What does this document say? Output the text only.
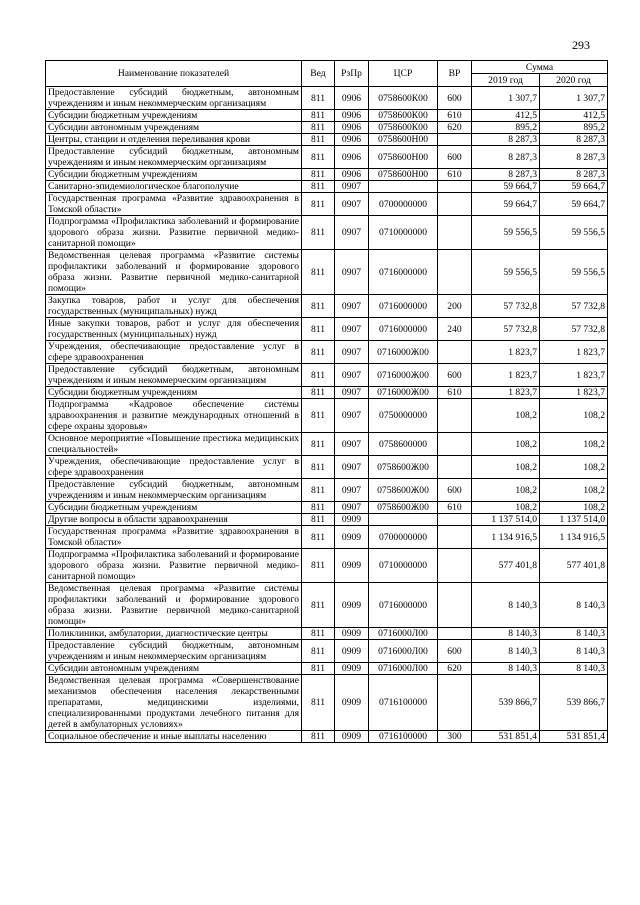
293
Наименование показателей	Вед	РзПр	ЦСР	ВР	Сумма	
					2019 год	2020 год
Предоставление субсидий бюджетным, автономным учреждениям и иным некоммерческим организациям	811	0906	0758600К00	600	1 307,7	1 307,7
Субсидии бюджетным учреждениям	811	0906	0758600К00	610	412,5	412,5
Субсидии автономным учреждениям	811	0906	0758600К00	620	895,2	895,2
Центры, станции и отделения переливания крови	811	0906	0758600Н00		8 287,3	8 287,3
Предоставление субсидий бюджетным, автономным учреждениям и иным некоммерческим организациям	811	0906	0758600Н00	600	8 287,3	8 287,3
Субсидии бюджетным учреждениям	811	0906	0758600Н00	610	8 287,3	8 287,3
Санитарно-эпидемиологическое благополучие	811	0907			59 664,7	59 664,7
Государственная программа «Развитие здравоохранения в Томской области»	811	0907	0700000000		59 664,7	59 664,7
Подпрограмма «Профилактика заболеваний и формирование здорового образа жизни. Развитие первичной медико-санитарной помощи»	811	0907	0710000000		59 556,5	59 556,5
Ведомственная целевая программа «Развитие системы профилактики заболеваний и формирование здорового образа жизни. Развитие первичной медико-санитарной помощи»	811	0907	0716000000		59 556,5	59 556,5
Закупка товаров, работ и услуг для обеспечения государственных (муниципальных) нужд	811	0907	0716000000	200	57 732,8	57 732,8
Иные закупки товаров, работ и услуг для обеспечения государственных (муниципальных) нужд	811	0907	0716000000	240	57 732,8	57 732,8
Учреждения, обеспечивающие предоставление услуг в сфере здравоохранения	811	0907	0716000Ж00		1 823,7	1 823,7
Предоставление субсидий бюджетным, автономным учреждениям и иным некоммерческим организациям	811	0907	0716000Ж00	600	1 823,7	1 823,7
Субсидии бюджетным учреждениям	811	0907	0716000Ж00	610	1 823,7	1 823,7
Подпрограмма «Кадровое обеспечение системы здравоохранения и развитие международных отношений в сфере охраны здоровья»	811	0907	0750000000		108,2	108,2
Основное мероприятие «Повышение престижа медицинских специальностей»	811	0907	0758600000		108,2	108,2
Учреждения, обеспечивающие предоставление услуг в сфере здравоохранения	811	0907	0758600Ж00		108,2	108,2
Предоставление субсидий бюджетным, автономным учреждениям и иным некоммерческим организациям	811	0907	0758600Ж00	600	108,2	108,2
Субсидии бюджетным учреждениям	811	0907	0758600Ж00	610	108,2	108,2
Другие вопросы в области здравоохранения	811	0909			1 137 514,0	1 137 514,0
Государственная программа «Развитие здравоохранения в Томской области»	811	0909	0700000000		1 134 916,5	1 134 916,5
Подпрограмма «Профилактика заболеваний и формирование здорового образа жизни. Развитие первичной медико-санитарной помощи»	811	0909	0710000000		577 401,8	577 401,8
Ведомственная целевая программа «Развитие системы профилактики заболеваний и формирование здорового образа жизни. Развитие первичной медико-санитарной помощи»	811	0909	0716000000		8 140,3	8 140,3
Поликлиники, амбулатории, диагностические центры	811	0909	0716000Л00		8 140,3	8 140,3
Предоставление субсидий бюджетным, автономным учреждениям и иным некоммерческим организациям	811	0909	0716000Л00	600	8 140,3	8 140,3
Субсидии автономным учреждениям	811	0909	0716000Л00	620	8 140,3	8 140,3
Ведомственная целевая программа «Совершенствование механизмов обеспечения населения лекарственными препаратами, медицинскими изделиями, специализированными продуктами лечебного питания для детей в амбулаторных условиях»	811	0909	0716100000		539 866,7	539 866,7
Социальное обеспечение и иные выплаты населению	811	0909	0716100000	300	531 851,4	531 851,4
